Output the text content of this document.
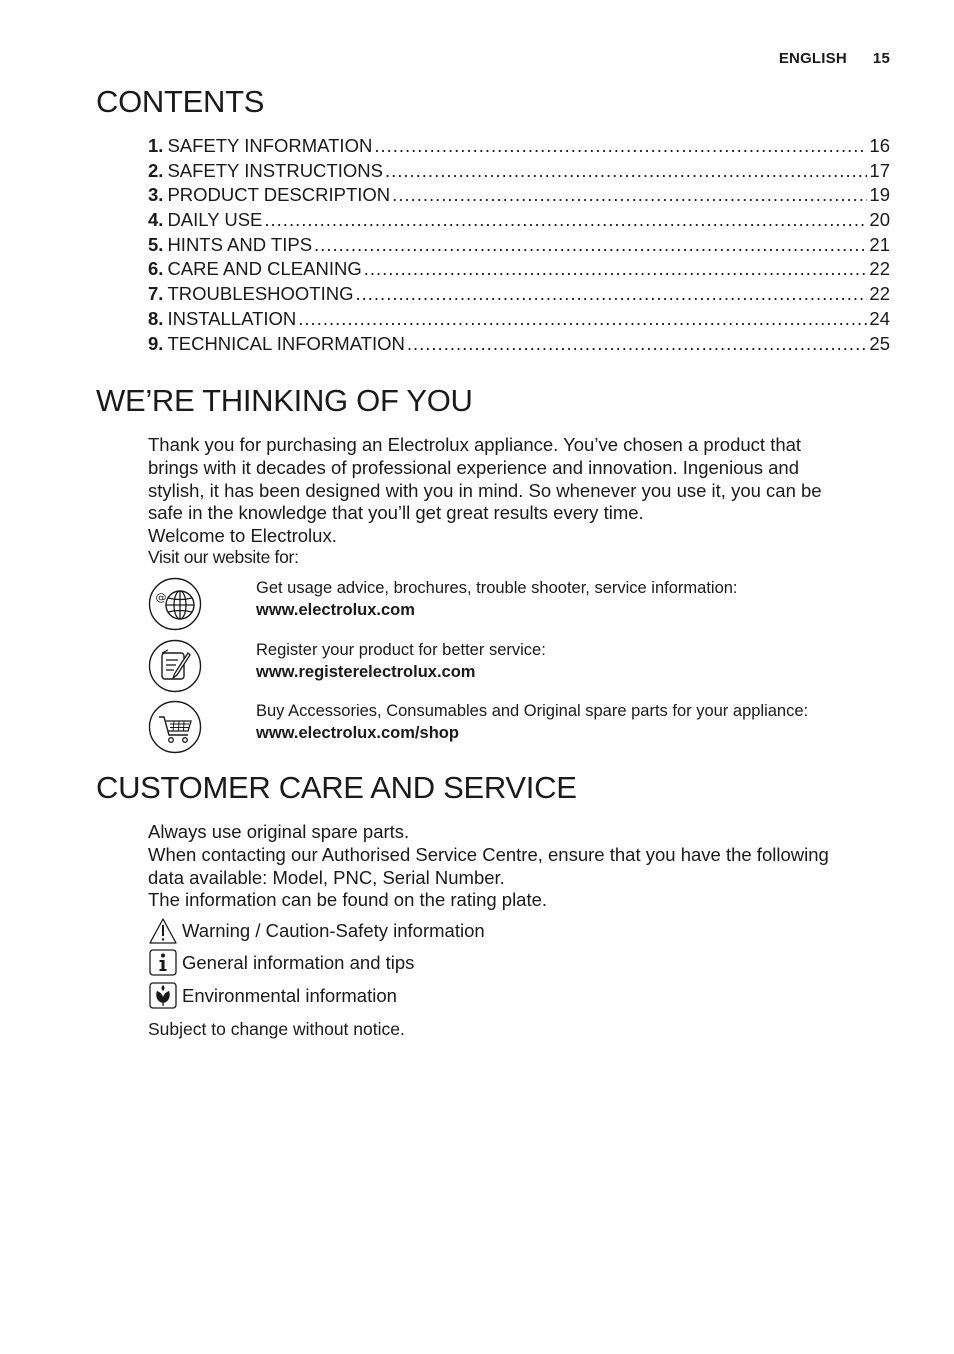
ENGLISH 15
CONTENTS
1. SAFETY INFORMATION .....	16
2. SAFETY INSTRUCTIONS .....	17
3. PRODUCT DESCRIPTION .....	19
4. DAILY USE .....	20
5. HINTS AND TIPS .....	21
6. CARE AND CLEANING .....	22
7. TROUBLESHOOTING .....	22
8. INSTALLATION .....	24
9. TECHNICAL INFORMATION .....	25
WE’RE THINKING OF YOU

Thank you for purchasing an Electrolux appliance. You’ve chosen a product that

brings with it decades of professional experience and innovation. Ingenious and

stylish, it has been designed with you in mind. So whenever you use it, you can be

safe in the knowledge that you’ll get great results every time.

Welcome to Electrolux.

Visit our website for:
@
Get usage advice, brochures, trouble shooter, service information:
www.electrolux.com
Register your product for better service:
www.registerelectrolux.com
Buy Accessories, Consumables and Original spare parts for your appliance:
www.electrolux.com/shop
CUSTOMER CARE AND SERVICE

Always use original spare parts.

When contacting our Authorised Service Centre, ensure that you have the following

data available: Model, PNC, Serial Number.

The information can be found on the rating plate.

Warning / Caution-Safety information
General information and tips
Environmental information
Subject to change without notice.
